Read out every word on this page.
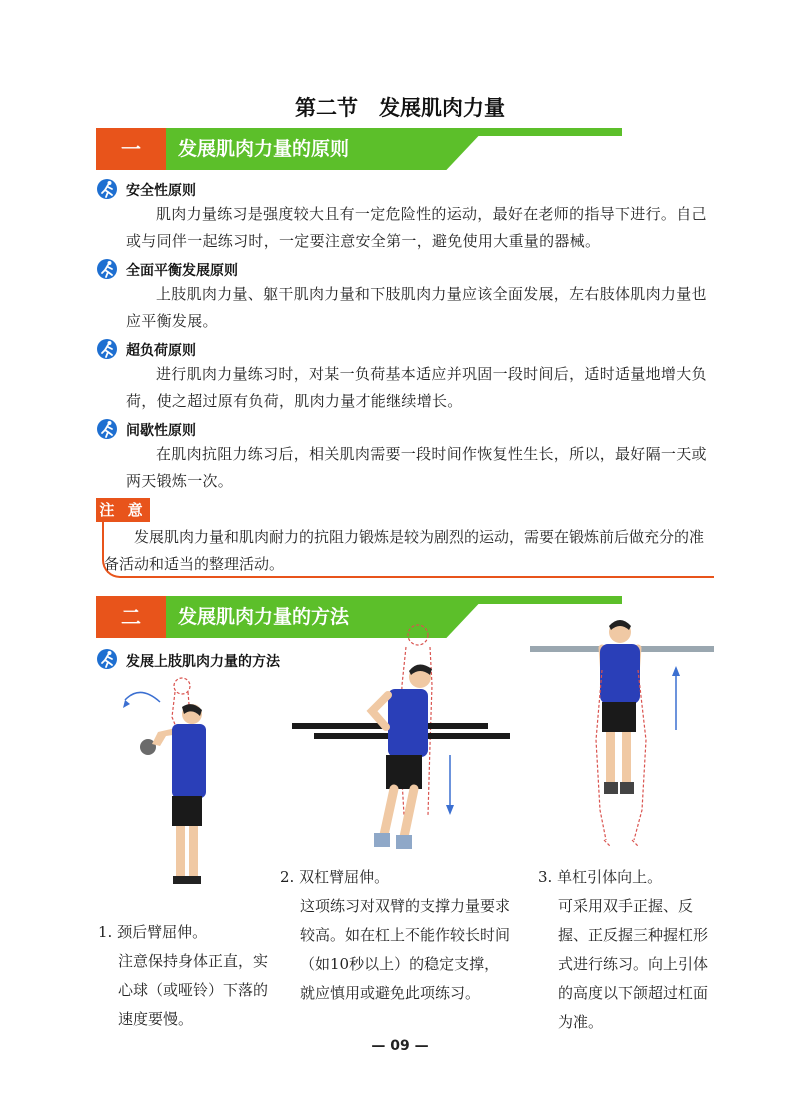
第二节　发展肌肉力量
一	发展肌肉力量的原则
安全性原则
肌肉力量练习是强度较大且有一定危险性的运动，最好在老师的指导下进行。自己或与同伴一起练习时，一定要注意安全第一，避免使用大重量的器械。
全面平衡发展原则
上肢肌肉力量、躯干肌肉力量和下肢肌肉力量应该全面发展，左右肢体肌肉力量也应平衡发展。
超负荷原则
进行肌肉力量练习时，对某一负荷基本适应并巩固一段时间后，适时适量地增大负荷，使之超过原有负荷，肌肉力量才能继续增长。
间歇性原则
在肌肉抗阻力练习后，相关肌肉需要一段时间作恢复性生长，所以，最好隔一天或两天锻炼一次。
注 意
发展肌肉力量和肌肉耐力的抗阻力锻炼是较为剧烈的运动，需要在锻炼前后做充分的准备活动和适当的整理活动。
二	发展肌肉力量的方法
发展上肢肌肉力量的方法
1. 颈后臂屈伸。
注意保持身体正直，实心球（或哑铃）下落的速度要慢。
2. 双杠臂屈伸。
这项练习对双臂的支撑力量要求较高。如在杠上不能作较长时间（如10秒以上）的稳定支撑，就应慎用或避免此项练习。
3. 单杠引体向上。
可采用双手正握、反握、正反握三种握杠形式进行练习。向上引体的高度以下颌超过杠面为准。
— 09 —
